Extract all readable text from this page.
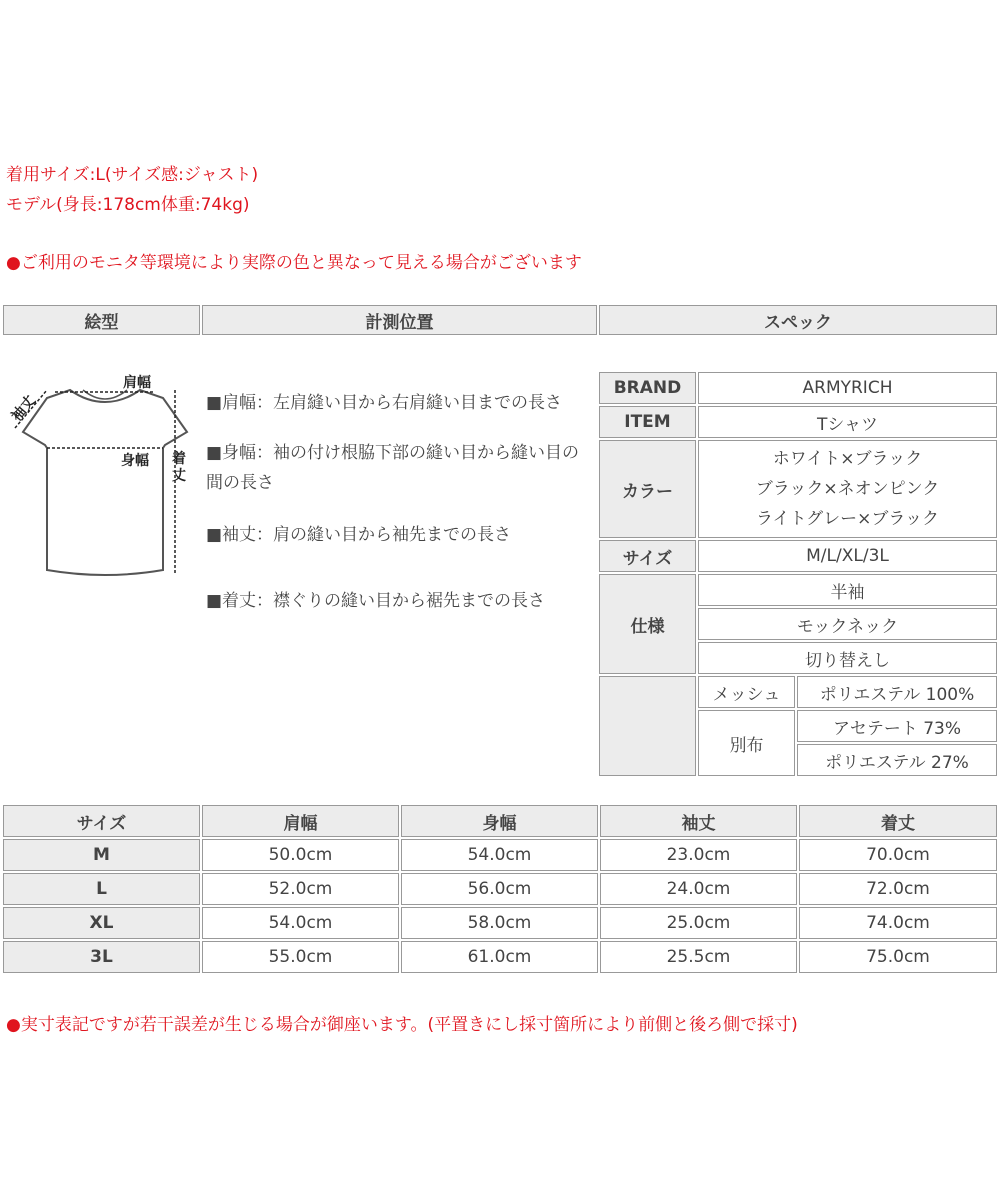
着用サイズ:L(サイズ感:ジャスト)
モデル(身長:178cm体重:74kg)
●ご利用のモニタ等環境により実際の色と異なって見える場合がございます
絵型	計測位置	スペック
肩幅
身幅
袖丈
着
丈

■肩幅：左肩縫い目から右肩縫い目までの長さ

■身幅：袖の付け根脇下部の縫い目から縫い目の間の長さ

■袖丈：肩の縫い目から袖先までの長さ

■着丈：襟ぐりの縫い目から裾先までの長さ

BRAND	ARMYRICH	
ITEM	Tシャツ	
カラー	ホワイト×ブラック
ブラック×ネオンピンク
ライトグレー×ブラック	

サイズ	M/L/XL/3L	
仕様	半袖	
	モックネック	
	切り替えし	
	メッシュ	ポリエステル 100%
	別布	アセテート 73%
		ポリエステル 27%
サイズ	肩幅	身幅	袖丈	着丈
M	50.0cm	54.0cm	23.0cm	70.0cm
L	52.0cm	56.0cm	24.0cm	72.0cm
XL	54.0cm	58.0cm	25.0cm	74.0cm
3L	55.0cm	61.0cm	25.5cm	75.0cm
●実寸表記ですが若干誤差が生じる場合が御座います。(平置きにし採寸箇所により前側と後ろ側で採寸)
